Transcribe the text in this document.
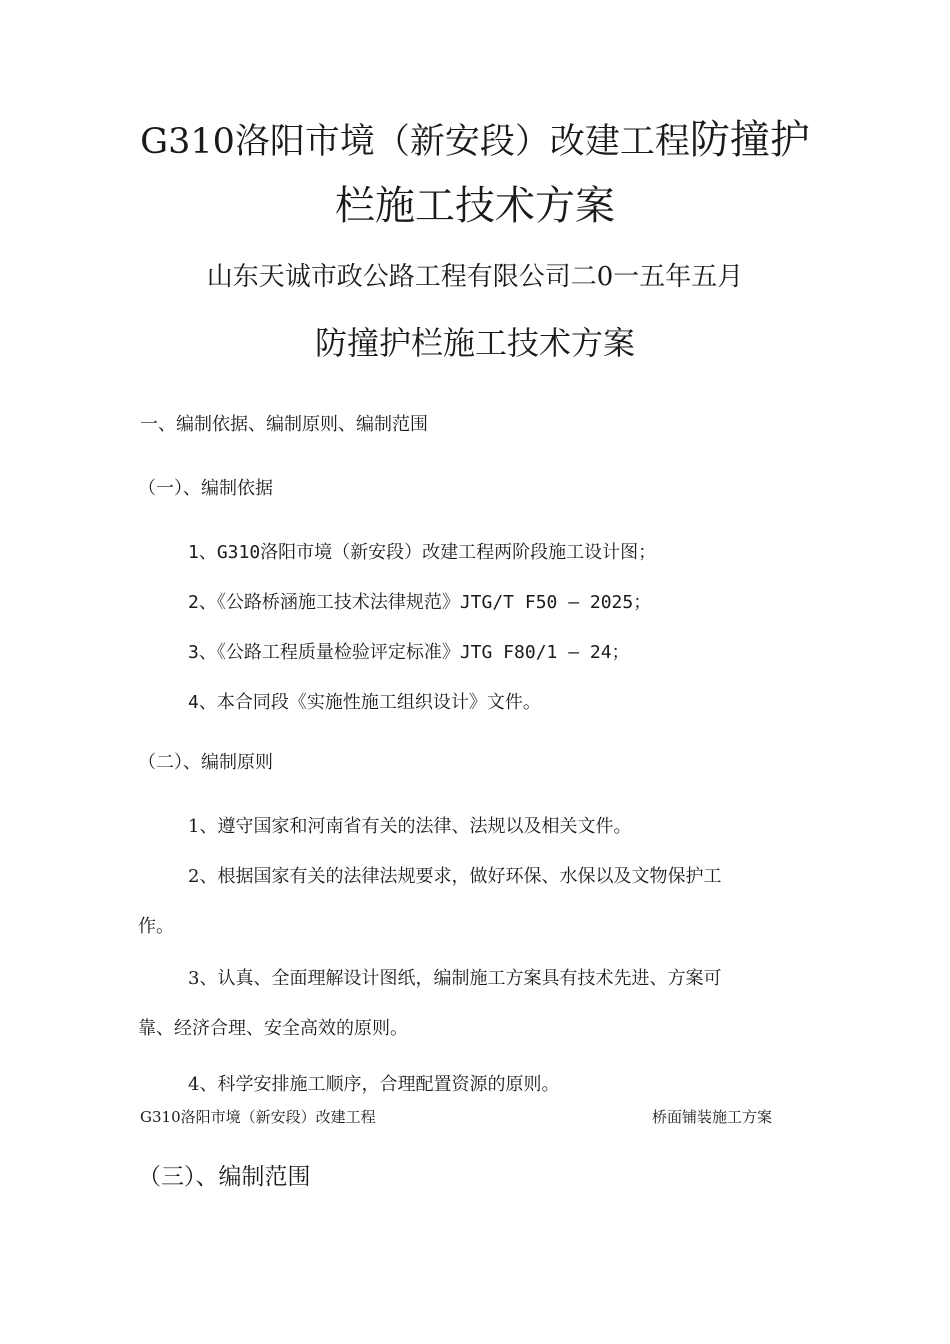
G310洛阳市境（新安段）改建工程防撞护
栏施工技术方案
山东天诚市政公路工程有限公司二0一五年五月
防撞护栏施工技术方案
一、编制依据、编制原则、编制范围
（一）、编制依据
1、G310洛阳市境（新安段）改建工程两阶段施工设计图；
2、《公路桥涵施工技术法律规范》JTG/T F50 — 2025；
3、《公路工程质量检验评定标准》JTG F80/1 — 24；
4、本合同段《实施性施工组织设计》文件。
（二）、编制原则
1、遵守国家和河南省有关的法律、法规以及相关文件。
2、根据国家有关的法律法规要求，做好环保、水保以及文物保护工
作。
3、认真、全面理解设计图纸，编制施工方案具有技术先进、方案可
靠、经济合理、安全高效的原则。
4、科学安排施工顺序，合理配置资源的原则。
G310洛阳市境（新安段）改建工程	桥面铺装施工方案
（三）、编制范围
